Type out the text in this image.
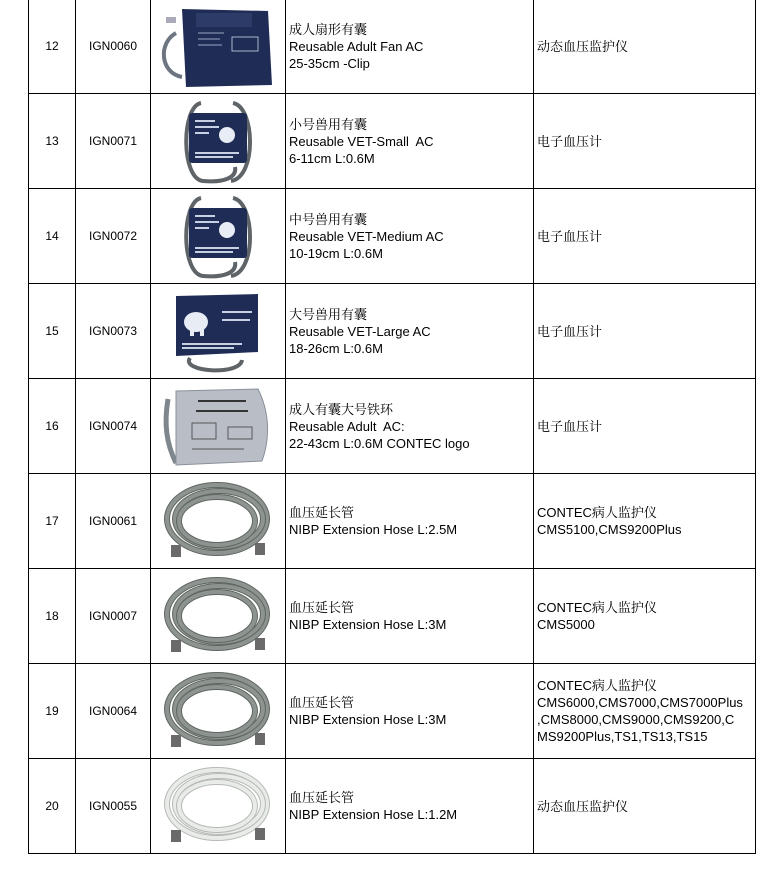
12	IGN0060		成人扇形有囊
Reusable Adult Fan AC
25-35cm -Clip	动态血压监护仪

13	IGN0071		小号兽用有囊
Reusable VET-Small  AC
6-11cm L:0.6M	电子血压计

14	IGN0072		中号兽用有囊
Reusable VET-Medium AC
10-19cm L:0.6M	电子血压计

15	IGN0073		大号兽用有囊
Reusable VET-Large AC
18-26cm L:0.6M	电子血压计

16	IGN0074		成人有囊大号铁环
Reusable Adult  AC:
22-43cm L:0.6M CONTEC logo	电子血压计

17	IGN0061		血压延长管
NIBP Extension Hose L:2.5M	CONTEC病人监护仪
CMS5100,CMS9200Plus

18	IGN0007		血压延长管
NIBP Extension Hose L:3M	CONTEC病人监护仪
CMS5000

19	IGN0064		血压延长管
NIBP Extension Hose L:3M	CONTEC病人监护仪
CMS6000,CMS7000,CMS7000Plus
,CMS8000,CMS9000,CMS9200,C
MS9200Plus,TS1,TS13,TS15

20	IGN0055		血压延长管
NIBP Extension Hose L:1.2M	动态血压监护仪
